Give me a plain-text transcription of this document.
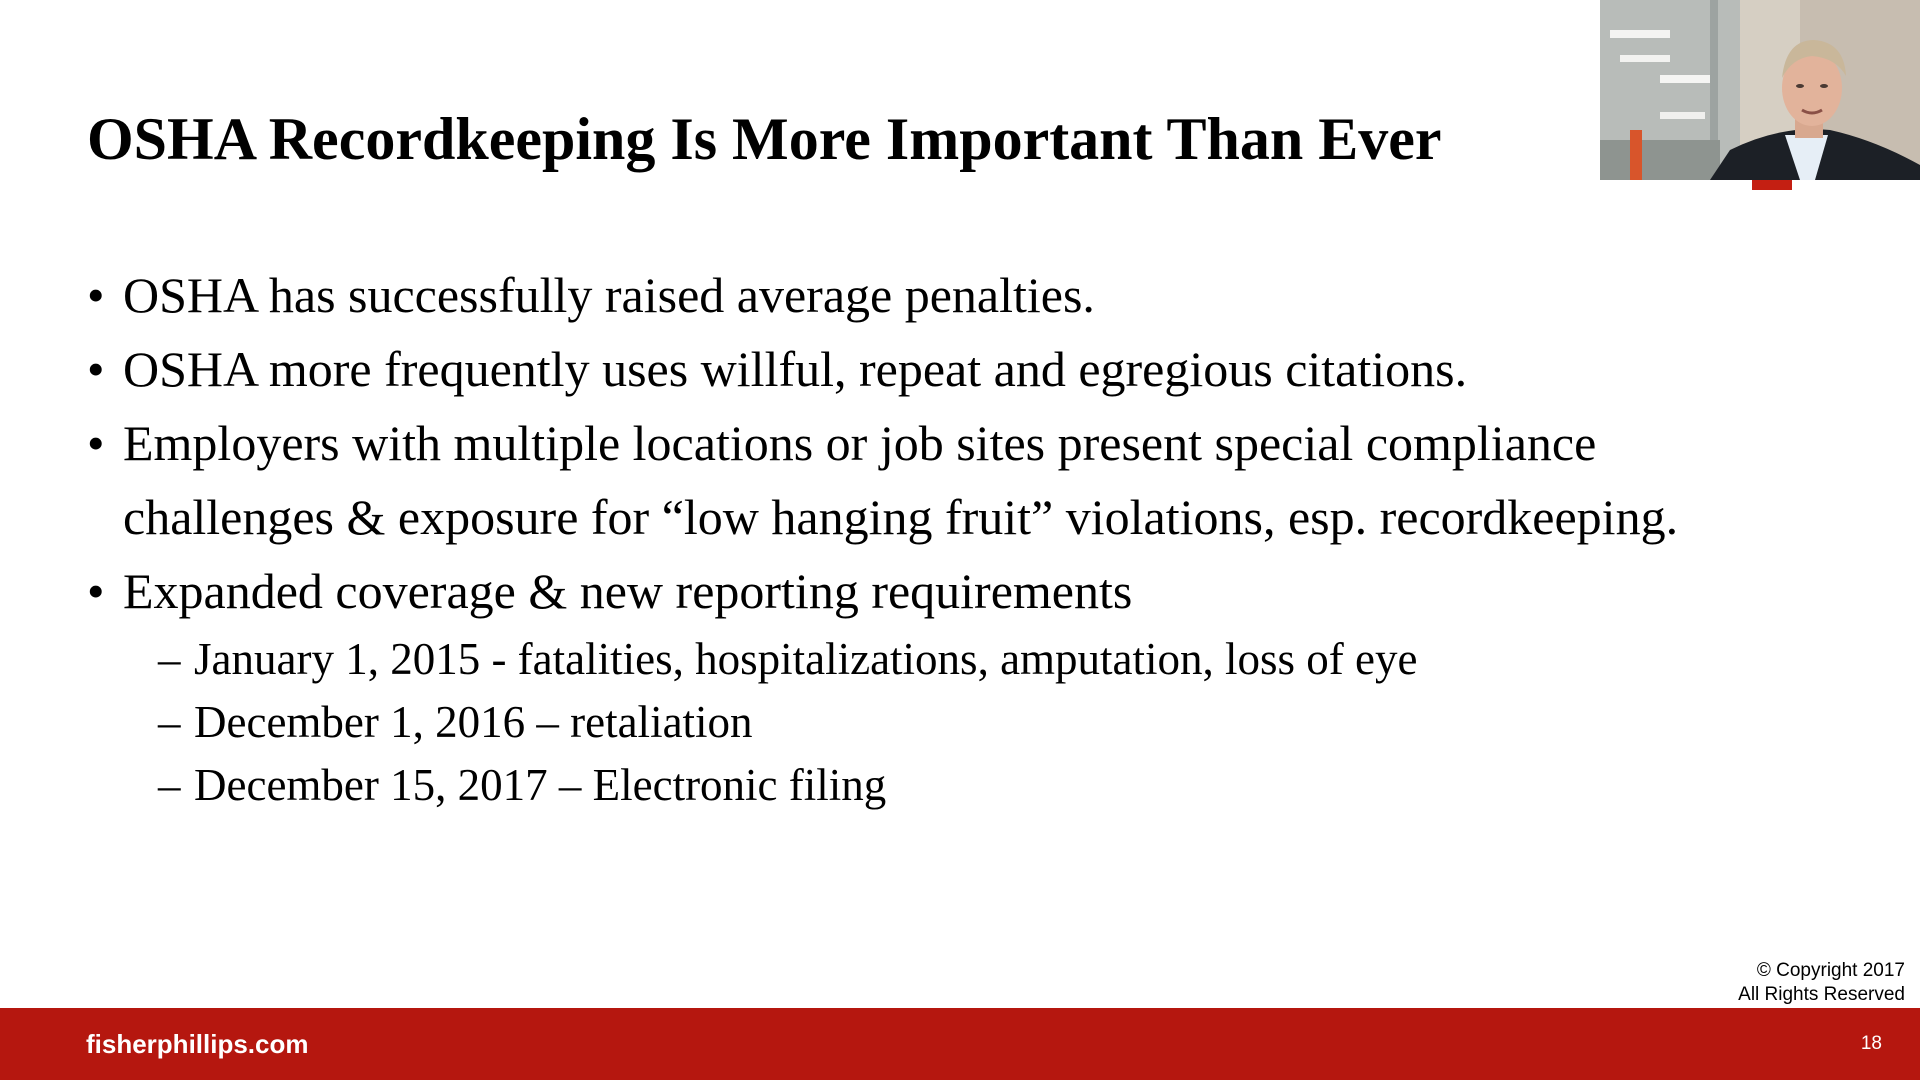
OSHA Recordkeeping Is More Important Than Ever
• OSHA has successfully raised average penalties.
• OSHA more frequently uses willful, repeat and egregious citations.
• Employers with multiple locations or job sites present special compliance
challenges & exposure for “low hanging fruit” violations, esp. recordkeeping.
• Expanded coverage & new reporting requirements
– January 1, 2015 - fatalities, hospitalizations, amputation, loss of eye
– December 1, 2016 – retaliation
– December 15, 2017 – Electronic filing
© Copyright 2017
All Rights Reserved
fisherphillips.com	18
